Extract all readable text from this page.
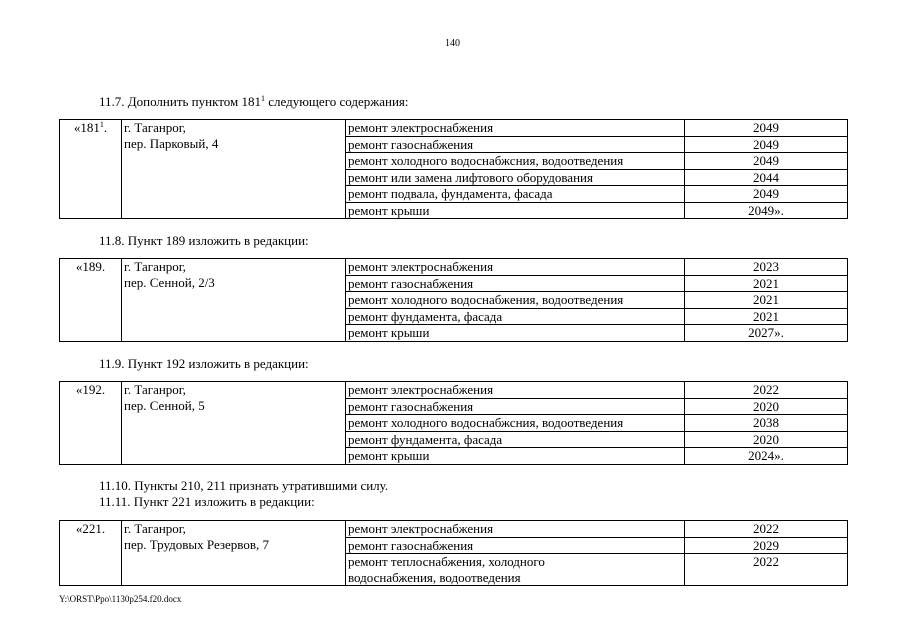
140
11.7. Дополнить пунктом $181^1$ следующего содержания:
«$181^1$.	г. Таганрог,
пер. Парковый, 4	ремонт электроснабжения	2049
		ремонт газоснабжения	2049
		ремонт холодного водоснабжсния, водоотведения	2049
		ремонт или замена лифтового оборудования	2044
		ремонт подвала, фундамента, фасада	2049
		ремонт крыши	2049».
11.8. Пункт 189 изложить в редакции:
«189.	г. Таганрог,
пер. Сенной, 2/3	ремонт электроснабжения	2023
		ремонт газоснабжения	2021
		ремонт холодного водоснабжения, водоотведения	2021
		ремонт фундамента, фасада	2021
		ремонт крыши	2027».
11.9. Пункт 192 изложить в редакции:
«192.	г. Таганрог,
пер. Сенной, 5	ремонт электроснабжения	2022
		ремонт газоснабжения	2020
		ремонт холодного водоснабжсния, водоотведения	2038
		ремонт фундамента, фасада	2020
		ремонт крыши	2024».
11.10. Пункты 210, 211 признать утратившими силу.
11.11. Пункт 221 изложить в редакции:
«221.	г. Таганрог,
пер. Трудовых Резервов, 7	ремонт электроснабжения	2022
		ремонт газоснабжения	2029

		ремонт теплоснабжения, холодного
водоснабжения, водоотведения	2022
Y:\ORST\Ppo\1130p254.f20.docx
